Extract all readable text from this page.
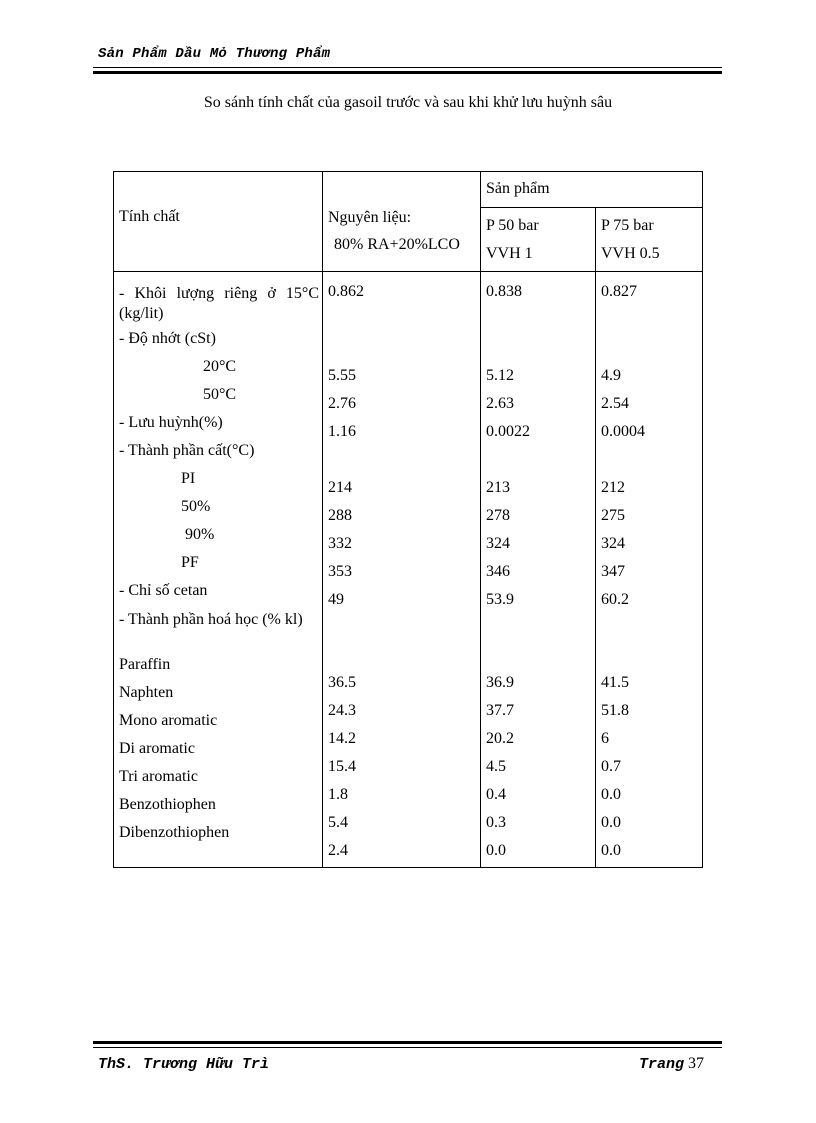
Sản Phẩm Dầu Mỏ Thương Phẩm
So sánh tính chất của gasoil trước và sau khi khử lưu huỳnh sâu
Tính chất	Nguyên liệu:
80% RA+20%LCO
Sản phẩm
P 50 bar
VVH 1
P 75 bar
VVH 0.5
- Khôi lượng riêng ở 15°C (kg/lit)
- Độ nhớt (cSt)
20°C
50°C
- Lưu huỳnh(%)
- Thành phần cất(°C)
PI
50%
90%
PF
- Chỉ số cetan
- Thành phần hoá học (% kl)
Paraffin
Naphten
Mono aromatic
Di aromatic
Tri aromatic
Benzothiophen
Dibenzothiophen
0.862
5.55
2.76
1.16
214
288
332
353
49
36.5
24.3
14.2
15.4
1.8
5.4
2.4
0.838
5.12
2.63
0.0022
213
278
324
346
53.9
36.9
37.7
20.2
4.5
0.4
0.3
0.0
0.827
4.9
2.54
0.0004
212
275
324
347
60.2
41.5
51.8
6
0.7
0.0
0.0
0.0
ThS. Trương Hữu Trì	Trang 37
